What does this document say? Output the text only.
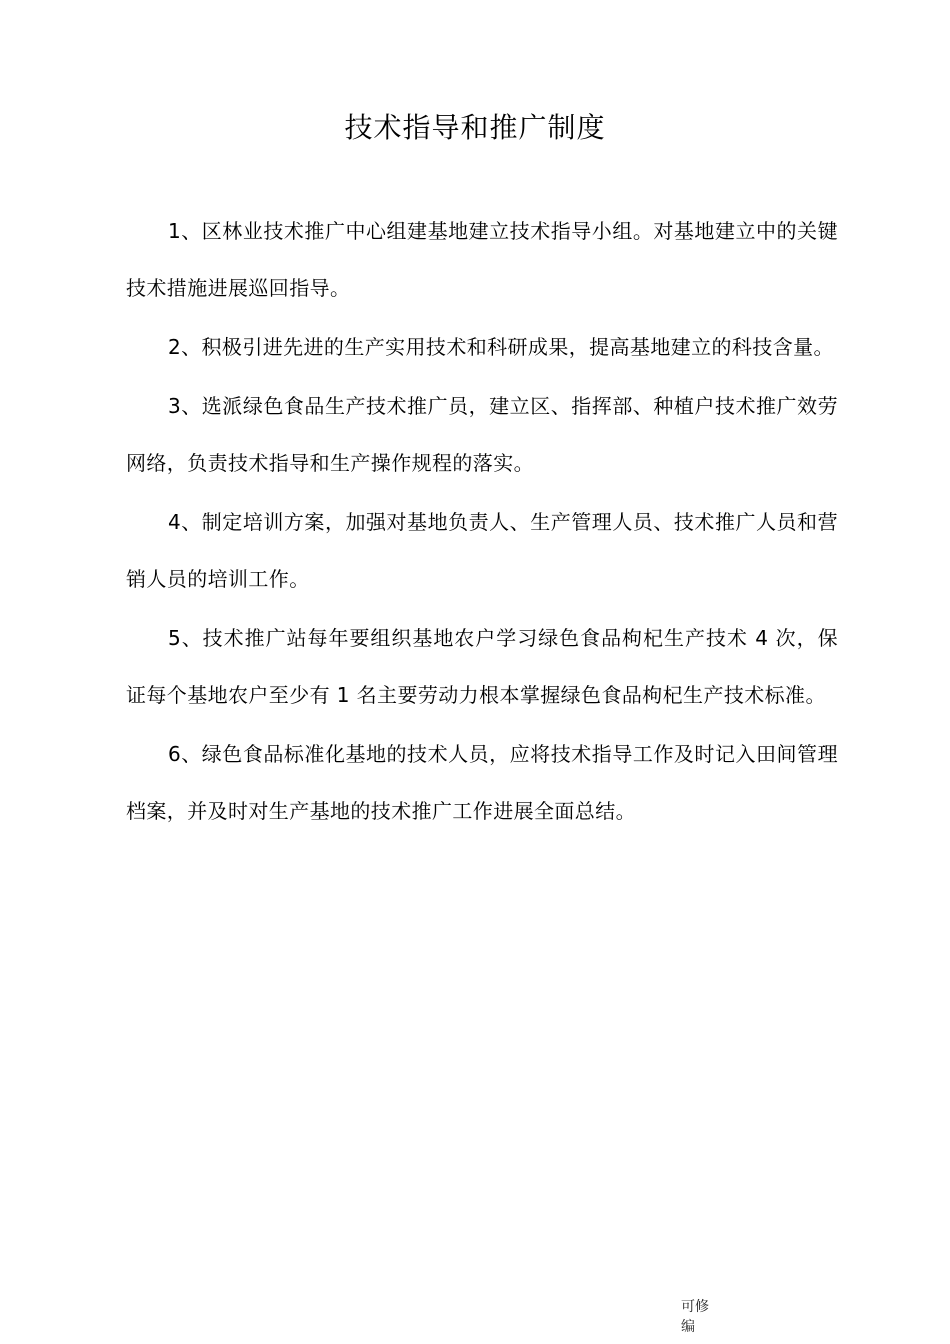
技术指导和推广制度

1、区林业技术推广中心组建基地建立技术指导小组。对基地建立中的关键技术措施进展巡回指导。

2、积极引进先进的生产实用技术和科研成果，提高基地建立的科技含量。

3、选派绿色食品生产技术推广员，建立区、指挥部、种植户技术推广效劳网络，负责技术指导和生产操作规程的落实。

4、制定培训方案，加强对基地负责人、生产管理人员、技术推广人员和营销人员的培训工作。

5、技术推广站每年要组织基地农户学习绿色食品枸杞生产技术 4 次，保证每个基地农户至少有 1 名主要劳动力根本掌握绿色食品枸杞生产技术标准。

6、绿色食品标准化基地的技术人员，应将技术指导工作及时记入田间管理档案，并及时对生产基地的技术推广工作进展全面总结。

可修编
